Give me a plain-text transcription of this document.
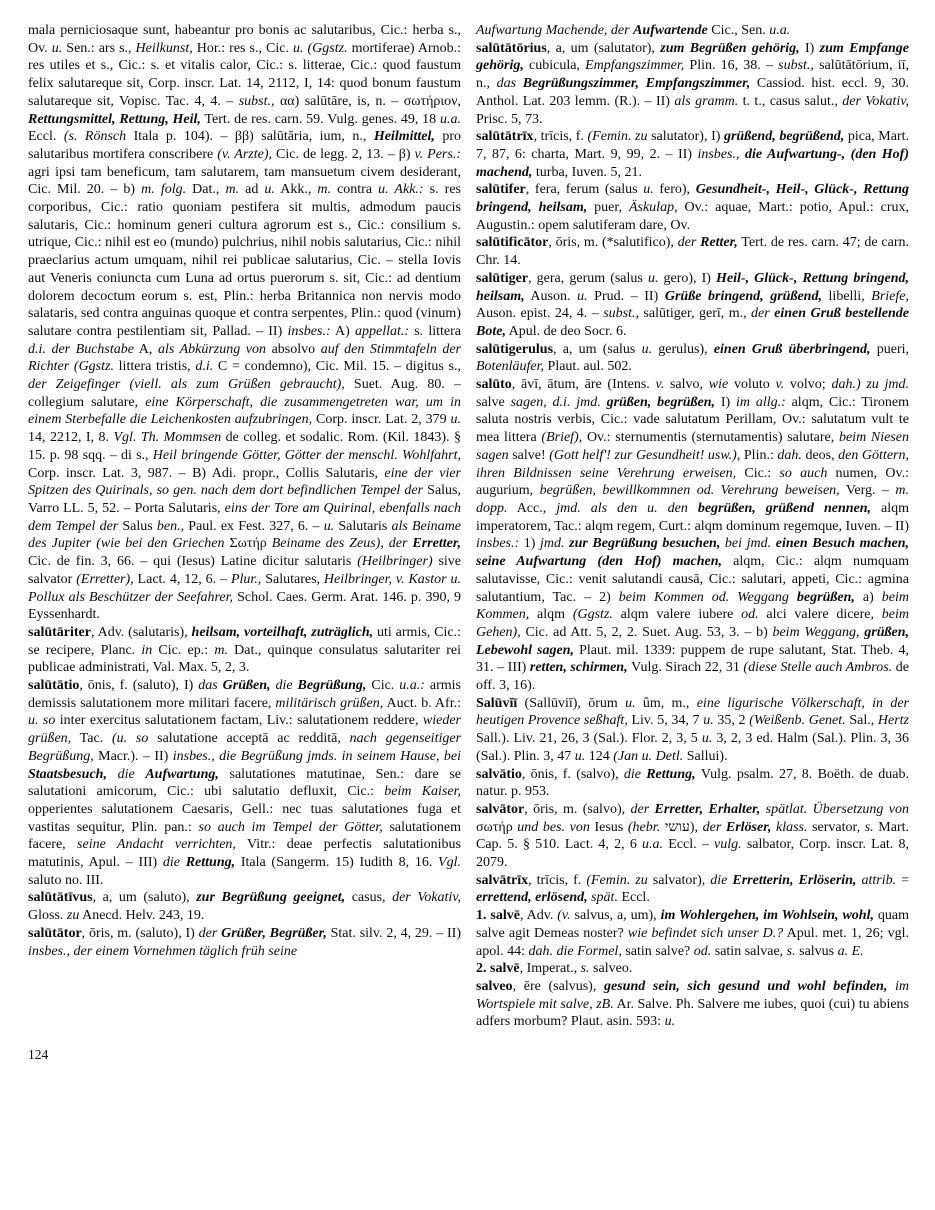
mala perniciosaque sunt, habeantur pro bonis ac salutaribus, Cic.: herba s., Ov. u. Sen.: ars s., Heilkunst, Hor.: res s., Cic. u. (Ggstz. mortiferae) Arnob.: res utiles et s., Cic.: s. et vitalis calor, Cic.: s. litterae, Cic.: quod faustum felix salutareque sit, Corp. inscr. Lat. 14, 2112, I, 14: quod bonum faustum salutareque sit, Vopisc. Tac. 4, 4. – subst., αα) salūtāre, is, n. – σωτήριον, Rettungsmittel, Rettung, Heil, Tert. de res. carn. 59. Vulg. genes. 49, 18 u.a. Eccl. (s. Rönsch Itala p. 104). – ββ) salūtāria, ium, n., Heilmittel, pro salutaribus mortifera conscribere (v. Arzte), Cic. de legg. 2, 13. – β) v. Pers.: agri ipsi tam beneficum, tam salutarem, tam mansuetum civem desiderant, Cic. Mil. 20. – b) m. folg. Dat., m. ad u. Akk., m. contra u. Akk.: s. res corporibus, Cic.: ratio quoniam pestifera sit multis, admodum paucis salutaris, Cic.: hominum generi cultura agrorum est s., Cic.: consilium s. utrique, Cic.: nihil est eo (mundo) pulchrius, nihil nobis salutarius, Cic.: nihil praeclarius actum umquam, nihil rei publicae salutarius, Cic. – stella Iovis aut Veneris coniuncta cum Luna ad ortus puerorum s. sit, Cic.: ad dentium dolorem decoctum eorum s. est, Plin.: herba Britannica non nervis modo salataris, sed contra anguinas quoque et contra serpentes, Plin.: quod (vinum) salutare contra pestilentiam sit, Pallad. – II) insbes.: A) appellat.: s. littera d.i. der Buchstabe A, als Abkürzung von absolvo auf den Stimmtafeln der Richter (Ggstz. littera tristis, d.i. C = condemno), Cic. Mil. 15. – digitus s., der Zeigefinger (viell. als zum Grüßen gebraucht), Suet. Aug. 80. – collegium salutare, eine Körperschaft, die zusammengetreten war, um in einem Sterbefalle die Leichenkosten aufzubringen, Corp. inscr. Lat. 2, 379 u. 14, 2212, I, 8. Vgl. Th. Mommsen de colleg. et sodalic. Rom. (Kil. 1843). § 15. p. 98 sqq. – di s., Heil bringende Götter, Götter der menschl. Wohlfahrt, Corp. inscr. Lat. 3, 987. – B) Adi. propr., Collis Salutaris, eine der vier Spitzen des Quirinals, so gen. nach dem dort befindlichen Tempel der Salus, Varro LL. 5, 52. – Porta Salutaris, eins der Tore am Quirinal, ebenfalls nach dem Tempel der Salus ben., Paul. ex Fest. 327, 6. – u. Salutaris als Beiname des Jupiter (wie bei den Griechen Σωτήρ Beiname des Zeus), der Erretter, Cic. de fin. 3, 66. – qui (Iesus) Latine dicitur salutaris (Heilbringer) sive salvator (Erretter), Lact. 4, 12, 6. – Plur., Salutares, Heilbringer, v. Kastor u. Pollux als Beschützer der Seefahrer, Schol. Caes. Germ. Arat. 146. p. 390, 9 Eyssenhardt.

salūtāriter, Adv. (salutaris), heilsam, vorteilhaft, zuträglich, uti armis, Cic.: se recipere, Planc. in Cic. ep.: m. Dat., quinque consulatus salutariter rei publicae administrati, Val. Max. 5, 2, 3.

salūtātio, ōnis, f. (saluto), I) das Grüßen, die Begrüßung, Cic. u.a.: armis demissis salutationem more militari facere, militärisch grüßen, Auct. b. Afr.: u. so inter exercitus salutationem factam, Liv.: salutationem reddere, wieder grüßen, Tac. (u. so salutatione acceptā ac redditā, nach gegenseitiger Begrüßung, Macr.). – II) insbes., die Begrüßung jmds. in seinem Hause, bei Staatsbesuch, die Aufwartung, salutationes matutinae, Sen.: dare se salutationi amicorum, Cic.: ubi salutatio defluxit, Cic.: beim Kaiser, opperientes salutationem Caesaris, Gell.: nec tuas salutationes fuga et vastitas sequitur, Plin. pan.: so auch im Tempel der Götter, salutationem facere, seine Andacht verrichten, Vitr.: deae perfectis salutationibus matutinis, Apul. – III) die Rettung, Itala (Sangerm. 15) Iudith 8, 16. Vgl. saluto no. III.

salūtātīvus, a, um (saluto), zur Begrüßung geeignet, casus, der Vokativ, Gloss. zu Anecd. Helv. 243, 19.

salūtātor, ōris, m. (saluto), I) der Grüßer, Begrüßer, Stat. silv. 2, 4, 29. – II) insbes., der einem Vornehmen täglich früh seine

Aufwartung Machende, der Aufwartende Cic., Sen. u.a.

salūtātōrius, a, um (salutator), zum Begrüßen gehörig, I) zum Empfange gehörig, cubicula, Empfangszimmer, Plin. 16, 38. – subst., salūtātōrium, iī, n., das Begrüßungszimmer, Empfangszimmer, Cassiod. hist. eccl. 9, 30. Anthol. Lat. 203 lemm. (R.). – II) als gramm. t. t., casus salut., der Vokativ, Prisc. 5, 73.

salūtātrīx, trīcis, f. (Femin. zu salutator), I) grüßend, begrüßend, pica, Mart. 7, 87, 6: charta, Mart. 9, 99, 2. – II) insbes., die Aufwartung-, (den Hof) machend, turba, Iuven. 5, 21.

salūtifer, fera, ferum (salus u. fero), Gesundheit-, Heil-, Glück-, Rettung bringend, heilsam, puer, Äskulap, Ov.: aquae, Mart.: potio, Apul.: crux, Augustin.: opem salutiferam dare, Ov.

salūtificātor, ōris, m. (*salutifico), der Retter, Tert. de res. carn. 47; de carn. Chr. 14.

salūtiger, gera, gerum (salus u. gero), I) Heil-, Glück-, Rettung bringend, heilsam, Auson. u. Prud. – II) Grüße bringend, grüßend, libelli, Briefe, Auson. epist. 24, 4. – subst., salūtiger, gerī, m., der einen Gruß bestellende Bote, Apul. de deo Socr. 6.

salūtigerulus, a, um (salus u. gerulus), einen Gruß überbringend, pueri, Botenläufer, Plaut. aul. 502.

salūto, āvī, ātum, āre (Intens. v. salvo, wie voluto v. volvo; dah.) zu jmd. salve sagen, d.i. jmd. grüßen, begrüßen, I) im allg.: alqm, Cic.: Tironem saluta nostris verbis, Cic.: vade salutatum Perillam, Ov.: salutatum vult te mea littera (Brief), Ov.: sternumentis (sternutamentis) salutare, beim Niesen sagen salve! (Gott helf'! zur Gesundheit! usw.), Plin.: dah. deos, den Göttern, ihren Bildnissen seine Verehrung erweisen, Cic.: so auch numen, Ov.: augurium, begrüßen, bewillkommnen od. Verehrung beweisen, Verg. – m. dopp. Acc., jmd. als den u. den begrüßen, grüßend nennen, alqm imperatorem, Tac.: alqm regem, Curt.: alqm dominum regemque, Iuven. – II) insbes.: 1) jmd. zur Begrüßung besuchen, bei jmd. einen Besuch machen, seine Aufwartung (den Hof) machen, alqm, Cic.: alqm numquam salutavisse, Cic.: venit salutandi causā, Cic.: salutari, appeti, Cic.: agmina salutantium, Tac. – 2) beim Kommen od. Weggang begrüßen, a) beim Kommen, alqm (Ggstz. alqm valere iubere od. alci valere dicere, beim Gehen), Cic. ad Att. 5, 2, 2. Suet. Aug. 53, 3. – b) beim Weggang, grüßen, Lebewohl sagen, Plaut. mil. 1339: puppem de rupe salutant, Stat. Theb. 4, 31. – III) retten, schirmen, Vulg. Sirach 22, 31 (diese Stelle auch Ambros. de off. 3, 16).

Salūvĭī (Sallūviī), ōrum u. ûm, m., eine ligurische Völkerschaft, in der heutigen Provence seßhaft, Liv. 5, 34, 7 u. 35, 2 (Weißenb. Genet. Sal., Hertz Sall.). Liv. 21, 26, 3 (Sal.). Flor. 2, 3, 5 u. 3, 2, 3 ed. Halm (Sal.). Plin. 3, 36 (Sal.). Plin. 3, 47 u. 124 (Jan u. Detl. Sallui).

salvātio, ōnis, f. (salvo), die Rettung, Vulg. psalm. 27, 8. Boëth. de duab. natur. p. 953.

salvātor, ōris, m. (salvo), der Erretter, Erhalter, spätlat. Übersetzung von σωτήρ und bes. von Iesus (hebr. עושי), der Erlöser, klass. servator, s. Mart. Cap. 5. § 510. Lact. 4, 2, 6 u.a. Eccl. – vulg. salbator, Corp. inscr. Lat. 8, 2079.

salvātrīx, trīcis, f. (Femin. zu salvator), die Erretterin, Erlöserin, attrib. = errettend, erlösend, spät. Eccl.

1. salvē, Adv. (v. salvus, a, um), im Wohlergehen, im Wohlsein, wohl, quam salve agit Demeas noster? wie befindet sich unser D.? Apul. met. 1, 26; vgl. apol. 44: dah. die Formel, satin salve? od. satin salvae, s. salvus a. E.

2. salvē, Imperat., s. salveo.

salveo, ēre (salvus), gesund sein, sich gesund und wohl befinden, im Wortspiele mit salve, zB. Ar. Salve. Ph. Salvere me iubes, quoi (cui) tu abiens adfers morbum? Plaut. asin. 593: u.

124
